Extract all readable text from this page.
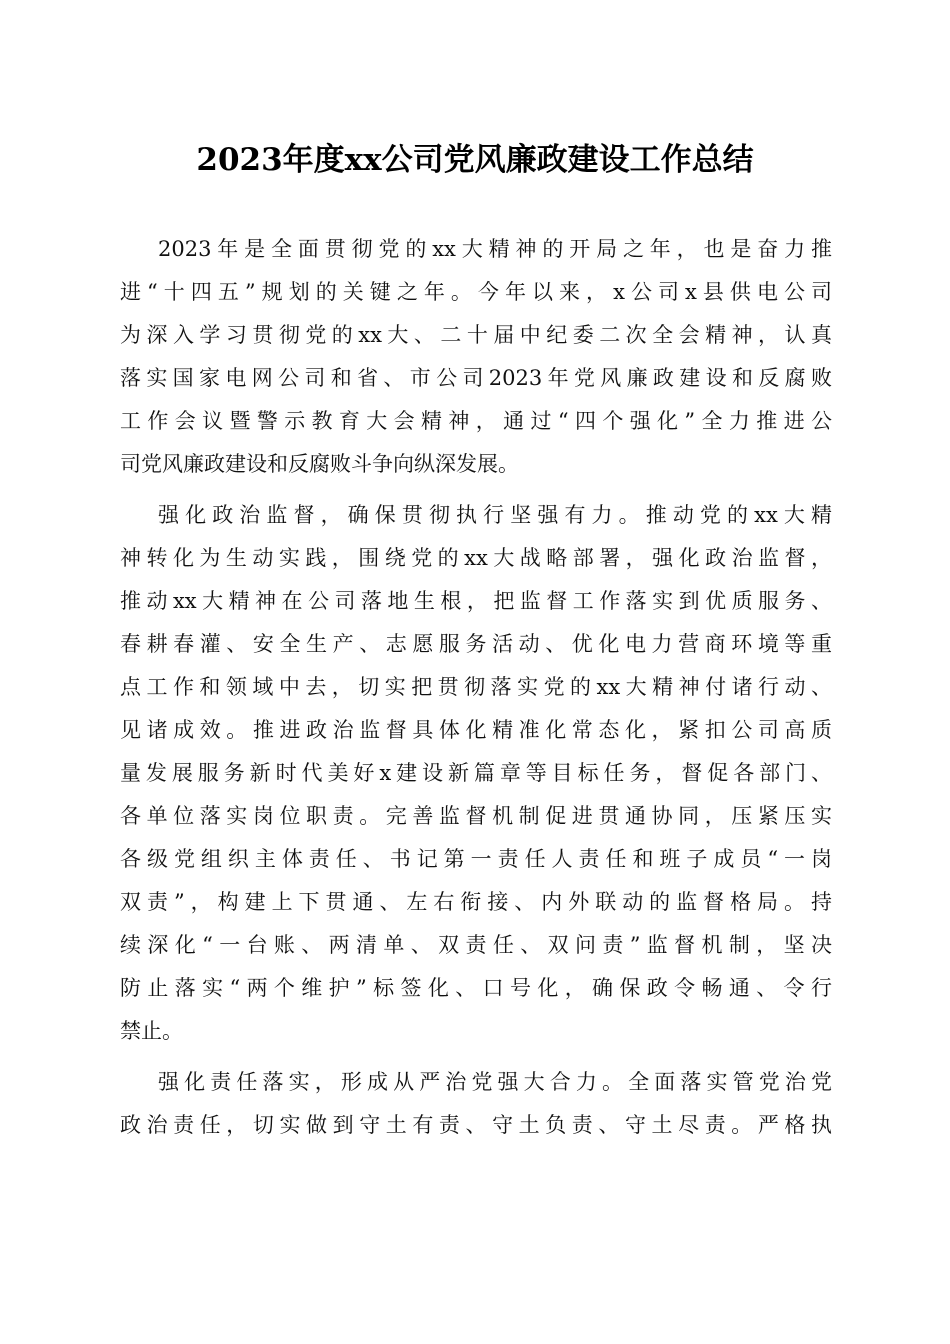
2023年度xx公司党风廉政建设工作总结
2023年是全面贯彻党的xx大精神的开局之年，也是奋力推
进“十四五”规划的关键之年。今年以来，x公司x县供电公司
为深入学习贯彻党的xx大、二十届中纪委二次全会精神，认真
落实国家电网公司和省、市公司2023年党风廉政建设和反腐败
工作会议暨警示教育大会精神，通过“四个强化”全力推进公
司党风廉政建设和反腐败斗争向纵深发展。
强化政治监督，确保贯彻执行坚强有力。推动党的xx大精
神转化为生动实践，围绕党的xx大战略部署，强化政治监督，
推动xx大精神在公司落地生根，把监督工作落实到优质服务、
春耕春灌、安全生产、志愿服务活动、优化电力营商环境等重
点工作和领域中去，切实把贯彻落实党的xx大精神付诸行动、
见诸成效。推进政治监督具体化精准化常态化，紧扣公司高质
量发展服务新时代美好x建设新篇章等目标任务，督促各部门、
各单位落实岗位职责。完善监督机制促进贯通协同，压紧压实
各级党组织主体责任、书记第一责任人责任和班子成员“一岗
双责”，构建上下贯通、左右衔接、内外联动的监督格局。持
续深化“一台账、两清单、双责任、双问责”监督机制，坚决
防止落实“两个维护”标签化、口号化，确保政令畅通、令行
禁止。
强化责任落实，形成从严治党强大合力。全面落实管党治党
政治责任，切实做到守土有责、守土负责、守土尽责。严格执
